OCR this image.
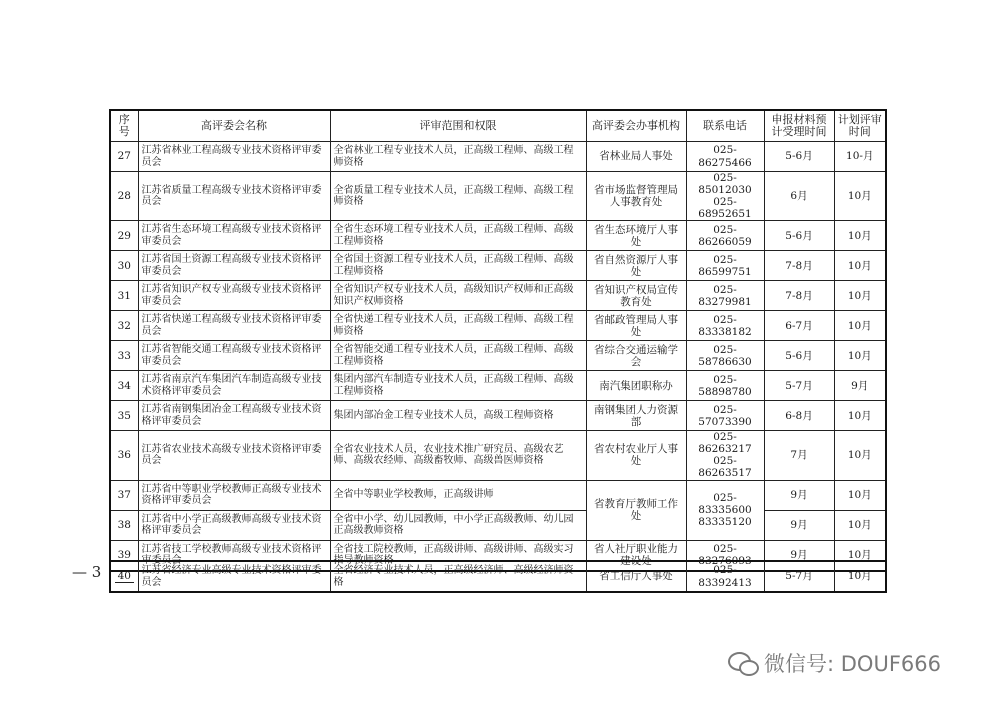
序号	高评委会名称	评审范围和权限	高评委会办事机构	联系电话	申报材料预计受理时间	计划评审时间
27	江苏省林业工程高级专业技术资格评审委员会	全省林业工程专业技术人员，正高级工程师、高级工程师资格	省林业局人事处	025-86275466	5-6月	10-月
28	江苏省质量工程高级专业技术资格评审委员会	全省质量工程专业技术人员，正高级工程师、高级工程师资格	省市场监督管理局人事教育处	025-85012030 025-68952651	6月	10月
29	江苏省生态环境工程高级专业技术资格评审委员会	全省生态环境工程专业技术人员，正高级工程师、高级工程师资格	省生态环境厅人事处	025-86266059	5-6月	10月
30	江苏省国土资源工程高级专业技术资格评审委员会	全省国土资源工程专业技术人员，正高级工程师、高级工程师资格	省自然资源厅人事处	025-86599751	7-8月	10月
31	江苏省知识产权专业高级专业技术资格评审委员会	全省知识产权专业技术人员，高级知识产权师和正高级知识产权师资格	省知识产权局宣传教育处	025-83279981	7-8月	10月
32	江苏省快递工程高级专业技术资格评审委员会	全省快递工程专业技术人员，正高级工程师、高级工程师资格	省邮政管理局人事处	025-83338182	6-7月	10月
33	江苏省智能交通工程高级专业技术资格评审委员会	全省智能交通工程专业技术人员，正高级工程师、高级工程师资格	省综合交通运输学会	025-58786630	5-6月	10月
34	江苏省南京汽车集团汽车制造高级专业技术资格评审委员会	集团内部汽车制造专业技术人员，正高级工程师、高级工程师资格	南汽集团职称办	025-58898780	5-7月	9月
35	江苏省南钢集团冶金工程高级专业技术资格评审委员会	集团内部冶金工程专业技术人员，高级工程师资格	南钢集团人力资源部	025-57073390	6-8月	10月
36	江苏省农业技术高级专业技术资格评审委员会	全省农业技术人员，农业技术推广研究员、高级农艺师、高级农经师、高级畜牧师、高级兽医师资格	省农村农业厅人事处	025-86263217 025-86263517	7月	10月
37	江苏省中等职业学校教师正高级专业技术资格评审委员会	全省中等职业学校教师，正高级讲师	省教育厅教师工作处	025-83335600 83335120	9月	10月
38	江苏省中小学正高级教师高级专业技术资格评审委员会	全省中小学、幼儿园教师，中小学正高级教师、幼儿园正高级教师资格			9月	10月
39	江苏省技工学校教师高级专业技术资格评审委员会	全省技工院校教师，正高级讲师、高级讲师、高级实习指导教师资格	省人社厅职业能力建设处	025-83276093	9月	10月
40	江苏省经济专业高级专业技术资格评审委员会	全省经济专业技术人员，正高级经济师、高级经济师资格	省工信厅人事处	025-83392413	5-7月	10月
— 3
微信号: DOUF666
